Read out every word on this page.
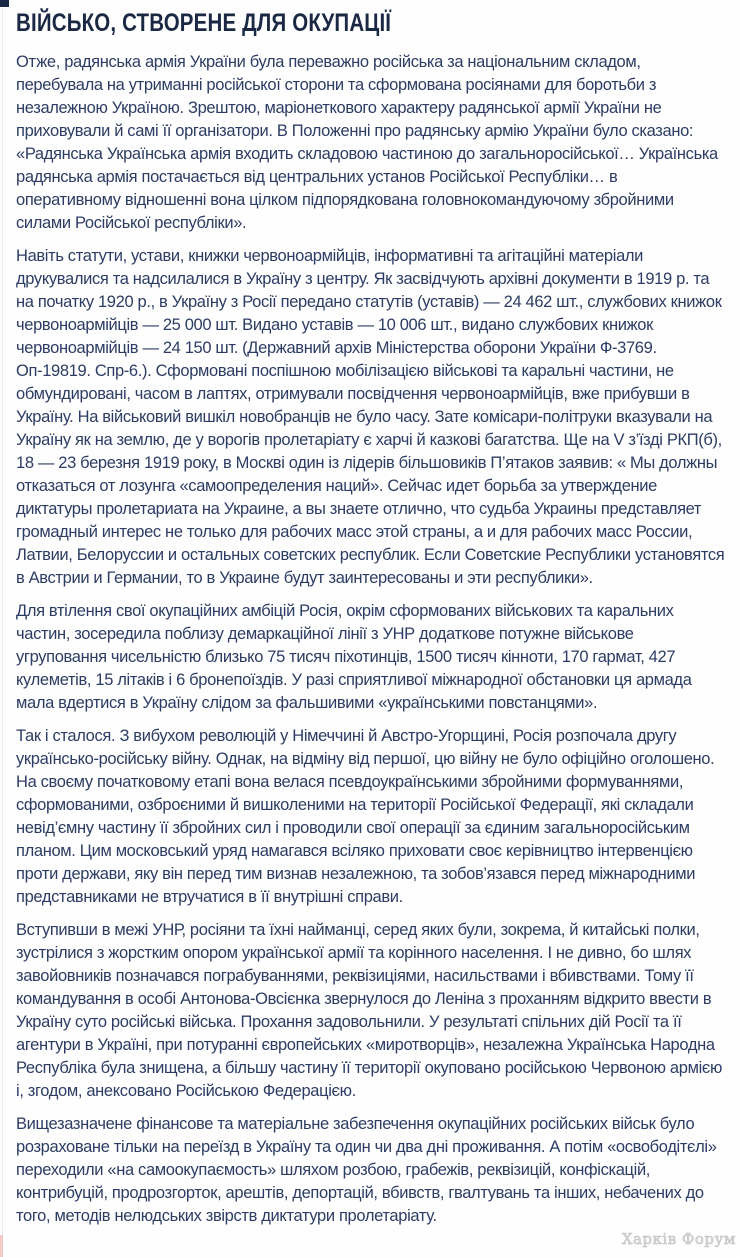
ВІЙСЬКО, СТВОРЕНЕ ДЛЯ ОКУПАЦІЇ

Отже, радянська армія України була переважно російська за національним складом, перебувала на утриманні російської сторони та сформована росіянами для боротьби з незалежною Україною. Зрештою, маріонеткового характеру радянської армії України не приховували й самі її організатори. В Положенні про радянську армію України було сказано: «Радянська Українська армія входить складовою частиною до загальноросійської… Українська радянська армія постачається від центральних установ Російської Республіки… в оперативному відношенні вона цілком підпорядкована головнокомандуючому збройними силами Російської республіки».

Навіть статути, устави, книжки червоноармійців, інформативні та агітаційні матеріали друкувалися та надсилалися в Україну з центру. Як засвідчують архівні документи в 1919 р. та на початку 1920 р., в Україну з Росії передано статутів (уставів) — 24 462 шт., службових книжок червоноармійців — 25 000 шт. Видано уставів — 10 006 шт., видано службових книжок червоноармійців — 24 150 шт. (Державний архів Міністерства оборони України Ф-3769. Оп-19819. Спр-6.). Сформовані поспішною мобілізацією військові та каральні частини, не обмундировані, часом в лаптях, отримували посвідчення червоноармійців, вже прибувши в Україну. На військовий вишкіл новобранців не було часу. Зате комісари-політруки вказували на Україну як на землю, де у ворогів пролетаріату є харчі й казкові багатства. Ще на V з’їзді РКП(б), 18 — 23 березня 1919 року, в Москві один із лідерів більшовиків П’ятаков заявив: « Мы должны отказаться от лозунга «самоопределения наций». Сейчас идет борьба за утверждение диктатуры пролетариата на Украине, а вы знаете отлично, что судьба Украины представляет громадный интерес не только для рабочих масс этой страны, а и для рабочих масс России, Латвии, Белоруссии и остальных советских республик. Если Советские Республики установятся в Австрии и Германии, то в Украине будут заинтересованы и эти республики».

Для втілення свої окупаційних амбіцій Росія, окрім сформованих військових та каральних частин, зосередила поблизу демаркаційної лінії з УНР додаткове потужне військове угруповання чисельністю близько 75 тисяч піхотинців, 1500 тисяч кінноти, 170 гармат, 427 кулеметів, 15 літаків і 6 бронепоїздів. У разі сприятливої міжнародної обстановки ця армада мала вдертися в Україну слідом за фальшивими «українськими повстанцями».

Так і сталося. З вибухом революцій у Німеччині й Австро-Угорщині, Росія розпочала другу українсько-російську війну. Однак, на відміну від першої, цю війну не було офіційно оголошено. На своєму початковому етапі вона велася псевдоукраїнськими збройними формуваннями, сформованими, озброєними й вишколеними на території Російської Федерації, які складали невід’ємну частину її збройних сил і проводили свої операції за єдиним загальноросійським планом. Цим московський уряд намагався всіляко приховати своє керівництво інтервенцією проти держави, яку він перед тим визнав незалежною, та зобов’язався перед міжнародними представниками не втручатися в її внутрішні справи.

Вступивши в межі УНР, росіяни та їхні найманці, серед яких були, зокрема, й китайські полки, зустрілися з жорстким опором української армії та корінного населення. І не дивно, бо шлях завойовників позначався пограбуваннями, реквізиціями, насильствами і вбивствами. Тому її командування в особі Антонова-Овсієнка звернулося до Леніна з проханням відкрито ввести в Україну суто російські війська. Прохання задовольнили. У результаті спільних дій Росії та її агентури в Україні, при потуранні європейських «миротворців», незалежна Українська Народна Республіка була знищена, а більшу частину її території окуповано російською Червоною армією і, згодом, анексовано Російською Федерацією.

Вищезазначене фінансове та матеріальне забезпечення окупаційних російських військ було розраховане тільки на переїзд в Україну та один чи два дні проживання. А потім «освободітєлі» переходили «на самоокупаємость» шляхом розбою, грабежів, реквізицій, конфіскацій, контрибуцій, продрозгорток, арештів, депортацій, вбивств, гвалтувань та інших, небачених до того, методів нелюдських звірств диктатури пролетаріату.

Харків Форум
